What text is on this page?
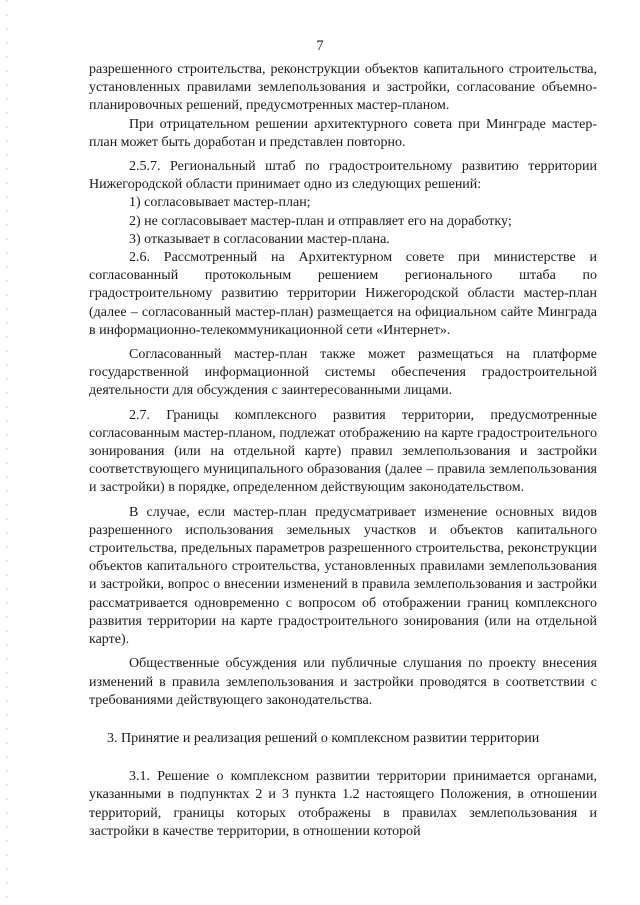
7

разрешенного строительства, реконструкции объектов капитального строительства, установленных правилами землепользования и застройки, согласование объемно-планировочных решений, предусмотренных мастер-планом.

При отрицательном решении архитектурного совета при Минграде мастер-план может быть доработан и представлен повторно.

2.5.7. Региональный штаб по градостроительному развитию территории Нижегородской области принимает одно из следующих решений:

1) согласовывает мастер-план;

2) не согласовывает мастер-план и отправляет его на доработку;

3) отказывает в согласовании мастер-плана.

2.6. Рассмотренный на Архитектурном совете при министерстве и согласованный протокольным решением регионального штаба по градостроительному развитию территории Нижегородской области мастер-план (далее – согласованный мастер-план) размещается на официальном сайте Минграда в информационно-телекоммуникационной сети «Интернет».

Согласованный мастер-план также может размещаться на платформе государственной информационной системы обеспечения градостроительной деятельности для обсуждения с заинтересованными лицами.

2.7. Границы комплексного развития территории, предусмотренные согласованным мастер-планом, подлежат отображению на карте градостроительного зонирования (или на отдельной карте) правил землепользования и застройки соответствующего муниципального образования (далее – правила землепользования и застройки) в порядке, определенном действующим законодательством.

В случае, если мастер-план предусматривает изменение основных видов разрешенного использования земельных участков и объектов капитального строительства, предельных параметров разрешенного строительства, реконструкции объектов капитального строительства, установленных правилами землепользования и застройки, вопрос о внесении изменений в правила землепользования и застройки рассматривается одновременно с вопросом об отображении границ комплексного развития территории на карте градостроительного зонирования (или на отдельной карте).

Общественные обсуждения или публичные слушания по проекту внесения изменений в правила землепользования и застройки проводятся в соответствии с требованиями действующего законодательства.

3. Принятие и реализация решений о комплексном развитии территории

3.1. Решение о комплексном развитии территории принимается органами, указанными в подпунктах 2 и 3 пункта 1.2 настоящего Положения, в отношении территорий, границы которых отображены в правилах землепользования и застройки в качестве территории, в отношении которой
